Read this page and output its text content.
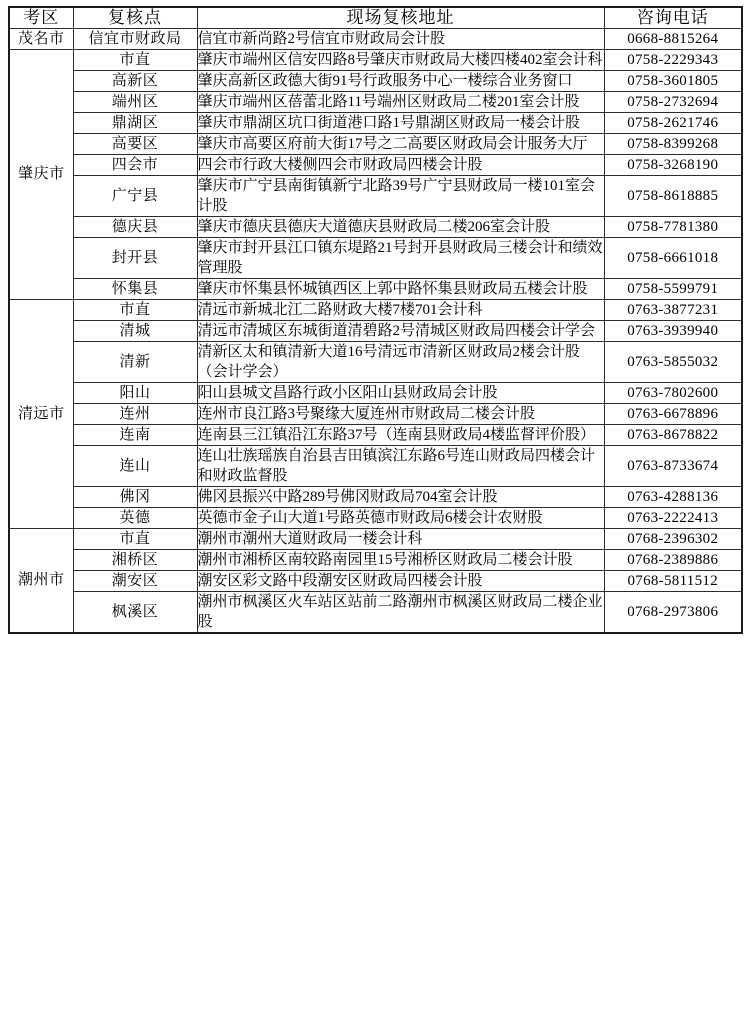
考区	复核点	现场复核地址	咨询电话
茂名市	信宜市财政局	信宜市新尚路2号信宜市财政局会计股	0668-8815264
肇庆市	市直	肇庆市端州区信安四路8号肇庆市财政局大楼四楼402室会计科	0758-2229343
	高新区	肇庆高新区政德大街91号行政服务中心一楼综合业务窗口	0758-3601805
	端州区	肇庆市端州区蓓蕾北路11号端州区财政局二楼201室会计股	0758-2732694
	鼎湖区	肇庆市鼎湖区坑口街道港口路1号鼎湖区财政局一楼会计股	0758-2621746
	高要区	肇庆市高要区府前大街17号之二高要区财政局会计服务大厅	0758-8399268
	四会市	四会市行政大楼侧四会市财政局四楼会计股	0758-3268190
	广宁县	肇庆市广宁县南街镇新宁北路39号广宁县财政局一楼101室会计股	0758-8618885
	德庆县	肇庆市德庆县德庆大道德庆县财政局二楼206室会计股	0758-7781380
	封开县	肇庆市封开县江口镇东堤路21号封开县财政局三楼会计和绩效管理股	0758-6661018
	怀集县	肇庆市怀集县怀城镇西区上郭中路怀集县财政局五楼会计股	0758-5599791
清远市	市直	清远市新城北江二路财政大楼7楼701会计科	0763-3877231
	清城	清远市清城区东城街道清碧路2号清城区财政局四楼会计学会	0763-3939940
	清新	清新区太和镇清新大道16号清远市清新区财政局2楼会计股（会计学会）	0763-5855032
	阳山	阳山县城文昌路行政小区阳山县财政局会计股	0763-7802600
	连州	连州市良江路3号聚缘大厦连州市财政局二楼会计股	0763-6678896
	连南	连南县三江镇沿江东路37号（连南县财政局4楼监督评价股）	0763-8678822
	连山	连山壮族瑶族自治县吉田镇滨江东路6号连山财政局四楼会计和财政监督股	0763-8733674
	佛冈	佛冈县振兴中路289号佛冈财政局704室会计股	0763-4288136
	英德	英德市金子山大道1号路英德市财政局6楼会计农财股	0763-2222413
潮州市	市直	潮州市潮州大道财政局一楼会计科	0768-2396302
	湘桥区	潮州市湘桥区南较路南园里15号湘桥区财政局二楼会计股	0768-2389886
	潮安区	潮安区彩文路中段潮安区财政局四楼会计股	0768-5811512
	枫溪区	潮州市枫溪区火车站区站前二路潮州市枫溪区财政局二楼企业股	0768-2973806
